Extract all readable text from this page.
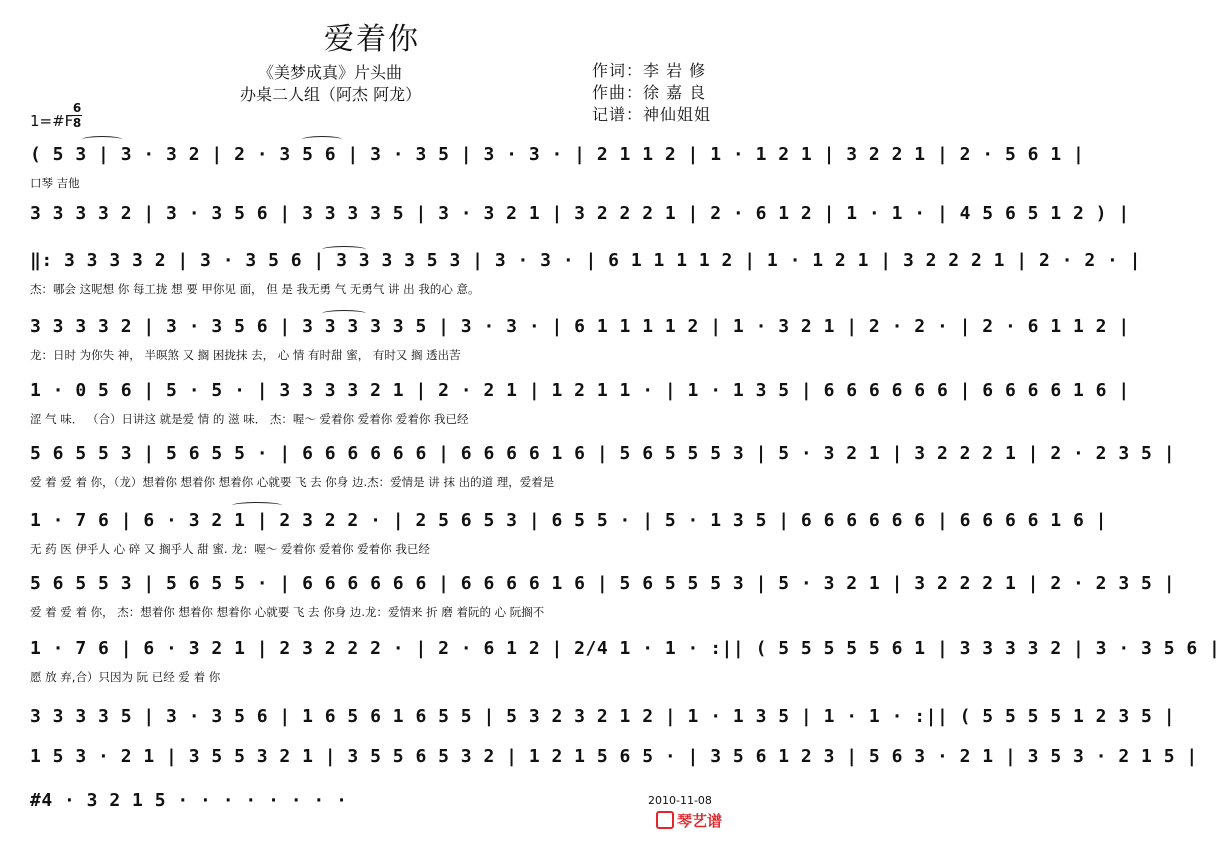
爱着你
《美梦成真》片头曲
办桌二人组（阿杰 阿龙）
作词：李 岩 修
作曲：徐 嘉 良
记谱：神仙姐姐
1=#F
6
8
( 5 3 | 3 · 3 2 | 2 · 3 5 6 | 3 · 3 5 | 3 · 3 · | 2 1 1 2 | 1 · 1 2 1 | 3 2 2 1 | 2 · 5 6 1 |
口琴 吉他
3 3 3 3 2 | 3 · 3 5 6 | 3 3 3 3 5 | 3 · 3 2 1 | 3 2 2 2 1 | 2 · 6 1 2 | 1 · 1 · | 4 5 6 5 1 2 ) |
‖: 3 3 3 3 2 | 3 · 3 5 6 | 3 3 3 3 5 3 | 3 · 3 · | 6 1 1 1 1 2 | 1 · 1 2 1 | 3 2 2 2 1 | 2 · 2 · |
杰：哪会 这呢想 你 每工拢 想 要 甲你见 面， 但 是 我无勇 气 无勇气 讲 出 我的心 意。
3 3 3 3 2 | 3 · 3 5 6 | 3 3 3 3 3 5 | 3 · 3 · | 6 1 1 1 1 2 | 1 · 3 2 1 | 2 · 2 · | 2 · 6 1 1 2 |
龙：日时 为你失 神， 半暝煞 又 搁 困拢抹 去， 心 情 有时甜 蜜， 有时又 搁 透出苦
1 · 0 5 6 | 5 · 5 · | 3 3 3 3 2 1 | 2 · 2 1 | 1 2 1 1 · | 1 · 1 3 5 | 6 6 6 6 6 6 | 6 6 6 6 1 6 |
涩 气 味． （合）日讲这 就是爱 情 的 滋 味． 杰：喔～ 爱着你 爱着你 爱着你 我已经
5 6 5 5 3 | 5 6 5 5 · | 6 6 6 6 6 6 | 6 6 6 6 1 6 | 5 6 5 5 5 3 | 5 · 3 2 1 | 3 2 2 2 1 | 2 · 2 3 5 |
爱 着 爱 着 你，（龙）想着你 想着你 想着你 心就要 飞 去 你身 边.杰：爱情是 讲 抹 出的道 理，爱着是
1 · 7 6 | 6 · 3 2 1 | 2 3 2 2 · | 2 5 6 5 3 | 6 5 5 · | 5 · 1 3 5 | 6 6 6 6 6 6 | 6 6 6 6 1 6 |
无 药 医 伊乎人 心 碎 又 搁乎人 甜 蜜. 龙：喔～ 爱着你 爱着你 爱着你 我已经
5 6 5 5 3 | 5 6 5 5 · | 6 6 6 6 6 6 | 6 6 6 6 1 6 | 5 6 5 5 5 3 | 5 · 3 2 1 | 3 2 2 2 1 | 2 · 2 3 5 |
爱 着 爱 着 你， 杰：想着你 想着你 想着你 心就要 飞 去 你身 边.龙：爱情来 折 磨 着阮的 心 阮搁不
1 · 7 6 | 6 · 3 2 1 | 2 3 2 2 2 · | 2 · 6 1 2 | 2/4 1 · 1 · :|| ( 5 5 5 5 5 6 1 | 3 3 3 3 2 | 3 · 3 5 6 |
愿 放 弃,合）只因为 阮 已经 爱 着 你
3 3 3 3 5 | 3 · 3 5 6 | 1 6 5 6 1 6 5 5 | 5 3 2 3 2 1 2 | 1 · 1 3 5 | 1 · 1 · :|| ( 5 5 5 5 1 2 3 5 |
1 5 3 · 2 1 | 3 5 5 3 2 1 | 3 5 5 6 5 3 2 | 1 2 1 5 6 5 · | 3 5 6 1 2 3 | 5 6 3 · 2 1 | 3 5 3 · 2 1 5 |
#4 · 3 2 1 5 · · · · · · · ·	2010-11-08
琴艺谱
